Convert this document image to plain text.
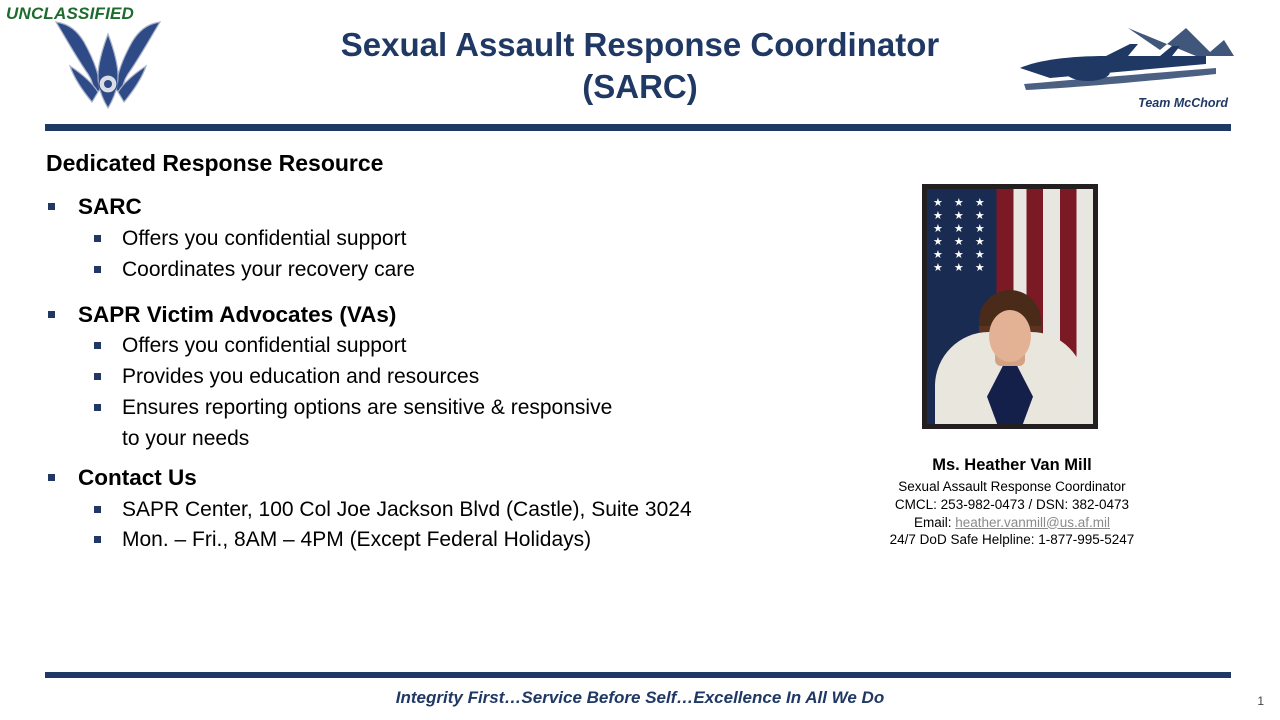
UNCLASSIFIED
Sexual Assault Response Coordinator
(SARC)	Team McChord
Dedicated Response Resource
SARC
Offers you confidential support
Coordinates your recovery care
SAPR Victim Advocates (VAs)
Offers you confidential support
Provides you education and resources
Ensures reporting options are sensitive & responsive
to your needs
Contact Us
SAPR Center, 100 Col Joe Jackson Blvd (Castle), Suite 3024
Mon. – Fri., 8AM – 4PM (Except Federal Holidays)
★ ★ ★
★ ★ ★
★ ★ ★
★ ★ ★
★ ★ ★
★ ★ ★
Ms. Heather Van Mill
Sexual Assault Response Coordinator
CMCL: 253-982-0473 / DSN: 382-0473
Email: heather.vanmill@us.af.mil
24/7 DoD Safe Helpline: 1-877-995-5247
Integrity First…Service Before Self…Excellence In All We Do	1
